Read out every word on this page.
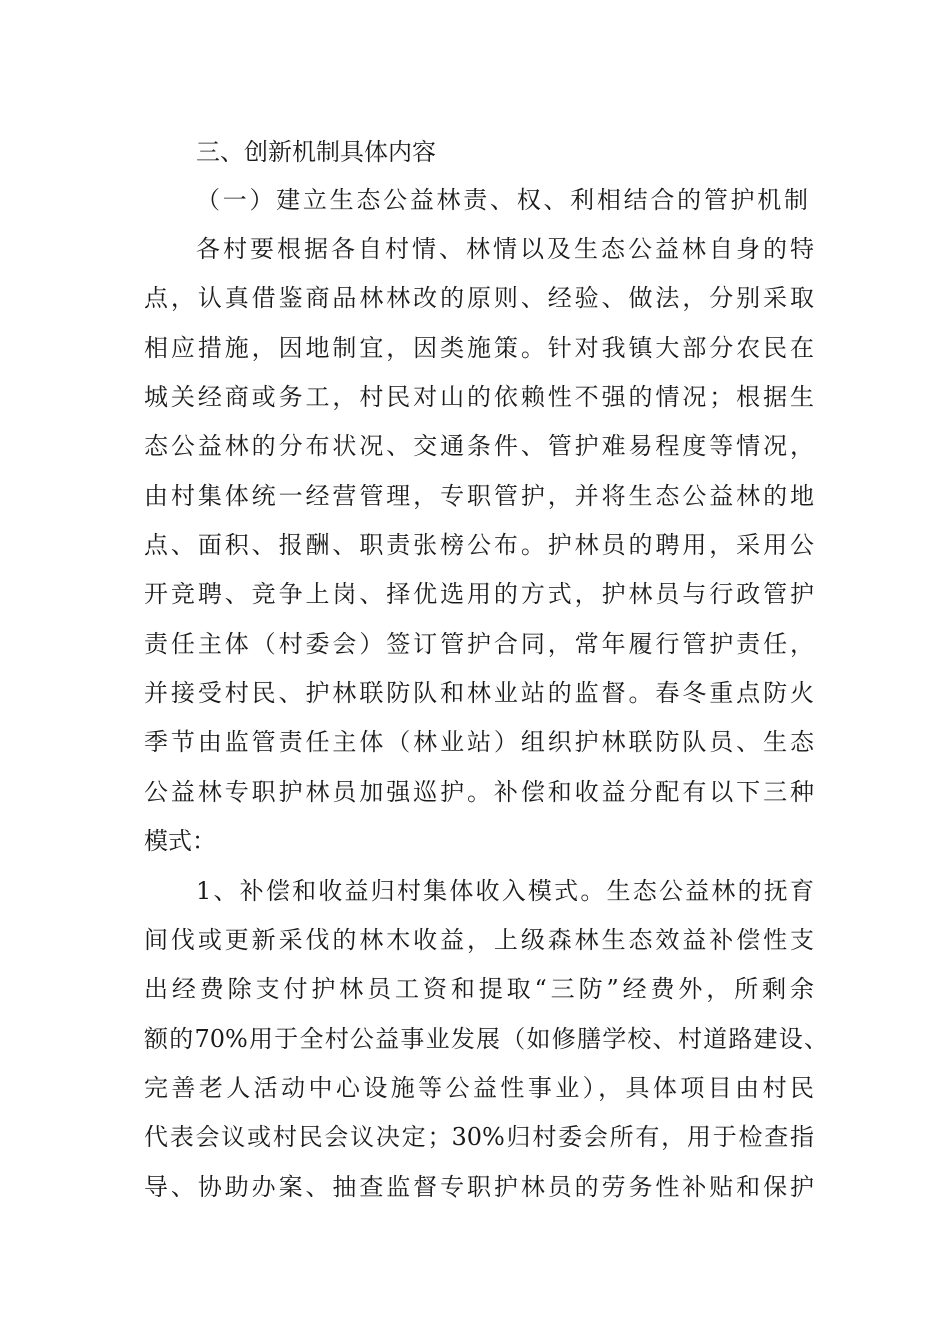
三、创新机制具体内容
（一）建立生态公益林责、权、利相结合的管护机制
各村要根据各自村情、林情以及生态公益林自身的特
点，认真借鉴商品林林改的原则、经验、做法，分别采取
相应措施，因地制宜，因类施策。针对我镇大部分农民在
城关经商或务工，村民对山的依赖性不强的情况；根据生
态公益林的分布状况、交通条件、管护难易程度等情况，
由村集体统一经营管理，专职管护，并将生态公益林的地
点、面积、报酬、职责张榜公布。护林员的聘用，采用公
开竞聘、竞争上岗、择优选用的方式，护林员与行政管护
责任主体（村委会）签订管护合同，常年履行管护责任，
并接受村民、护林联防队和林业站的监督。春冬重点防火
季节由监管责任主体（林业站）组织护林联防队员、生态
公益林专职护林员加强巡护。补偿和收益分配有以下三种
模式：
1、补偿和收益归村集体收入模式。生态公益林的抚育
间伐或更新采伐的林木收益，上级森林生态效益补偿性支
出经费除支付护林员工资和提取“三防”经费外，所剩余
额的70%用于全村公益事业发展（如修膳学校、村道路建设、
完善老人活动中心设施等公益性事业），具体项目由村民
代表会议或村民会议决定；30%归村委会所有，用于检查指
导、协助办案、抽查监督专职护林员的劳务性补贴和保护
